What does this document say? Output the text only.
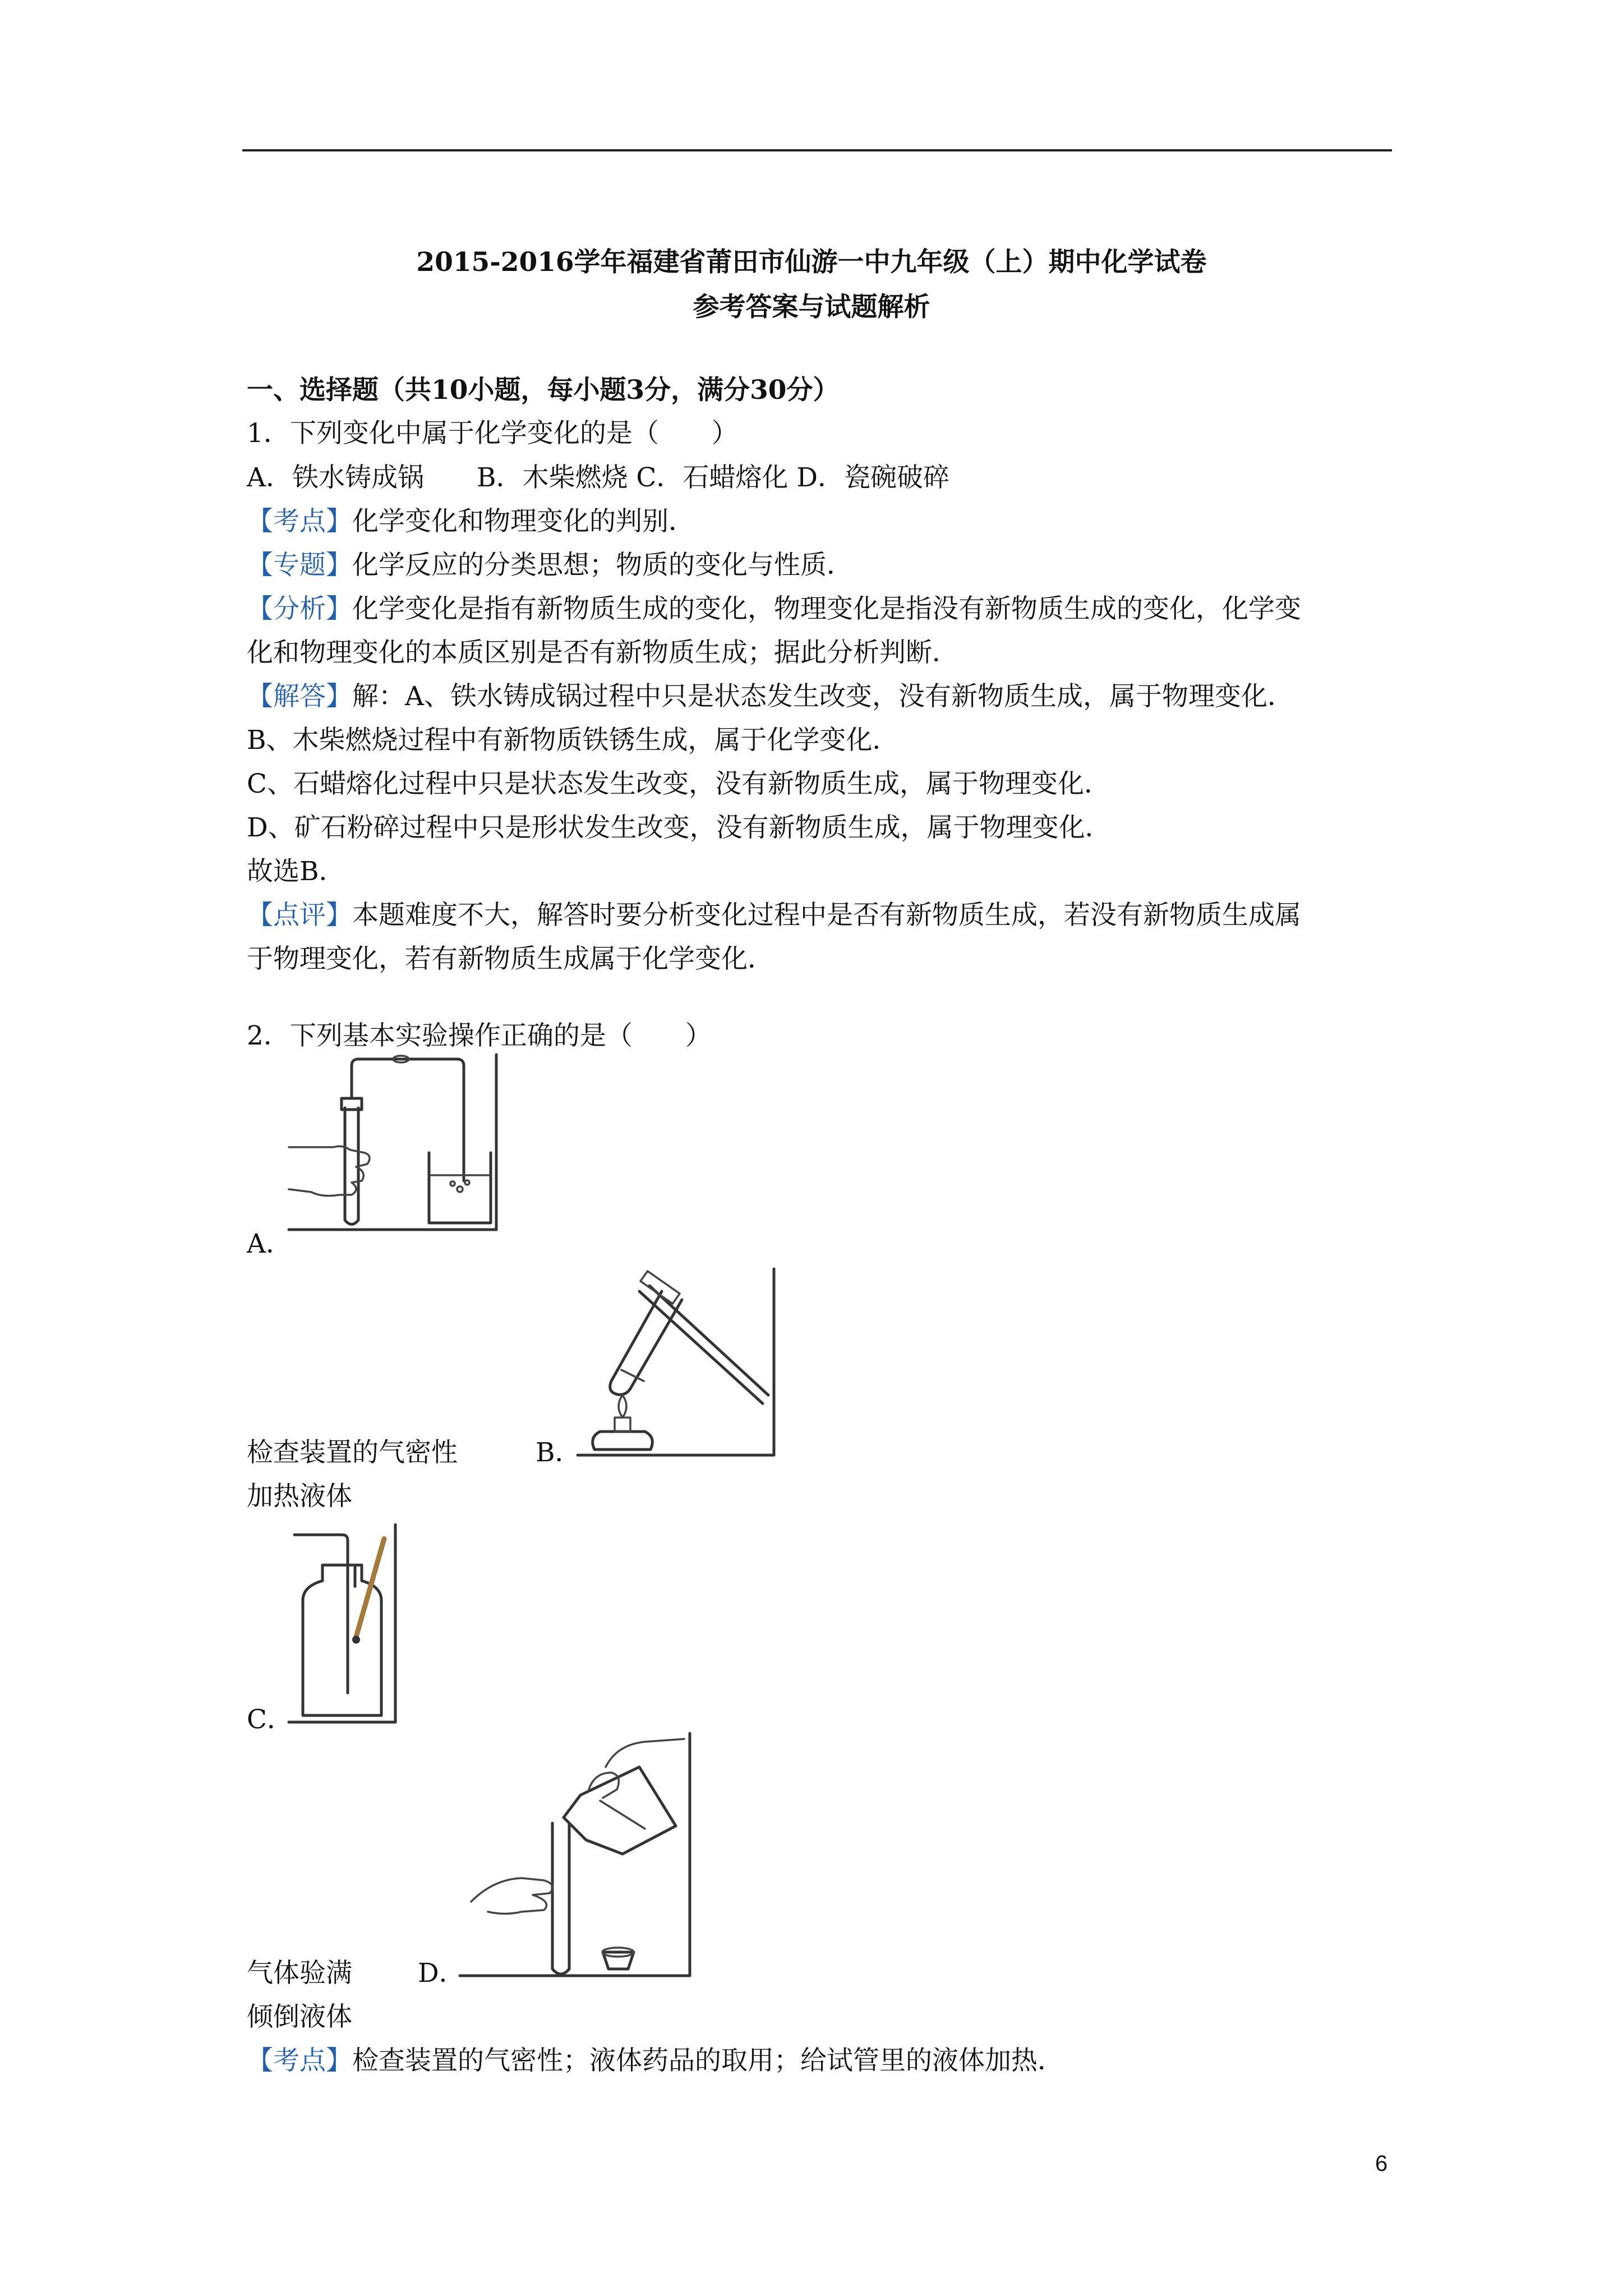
2015-2016学年福建省莆田市仙游一中九年级（上）期中化学试卷
参考答案与试题解析
一、选择题（共10小题，每小题3分，满分30分）
1．下列变化中属于化学变化的是（　　）
A．铁水铸成锅　　B．木柴燃烧 C．石蜡熔化 D．瓷碗破碎
【考点】化学变化和物理变化的判别．
【专题】化学反应的分类思想；物质的变化与性质．
【分析】化学变化是指有新物质生成的变化，物理变化是指没有新物质生成的变化，化学变
化和物理变化的本质区别是否有新物质生成；据此分析判断．
【解答】解：A、铁水铸成锅过程中只是状态发生改变，没有新物质生成，属于物理变化．
B、木柴燃烧过程中有新物质铁锈生成，属于化学变化．
C、石蜡熔化过程中只是状态发生改变，没有新物质生成，属于物理变化．
D、矿石粉碎过程中只是形状发生改变，没有新物质生成，属于物理变化．
故选B．
【点评】本题难度不大，解答时要分析变化过程中是否有新物质生成，若没有新物质生成属
于物理变化，若有新物质生成属于化学变化．
2．下列基本实验操作正确的是（　　）
A．
检查装置的气密性	B．
加热液体
C．
气体验满 D．
倾倒液体
【考点】检查装置的气密性；液体药品的取用；给试管里的液体加热．
6
